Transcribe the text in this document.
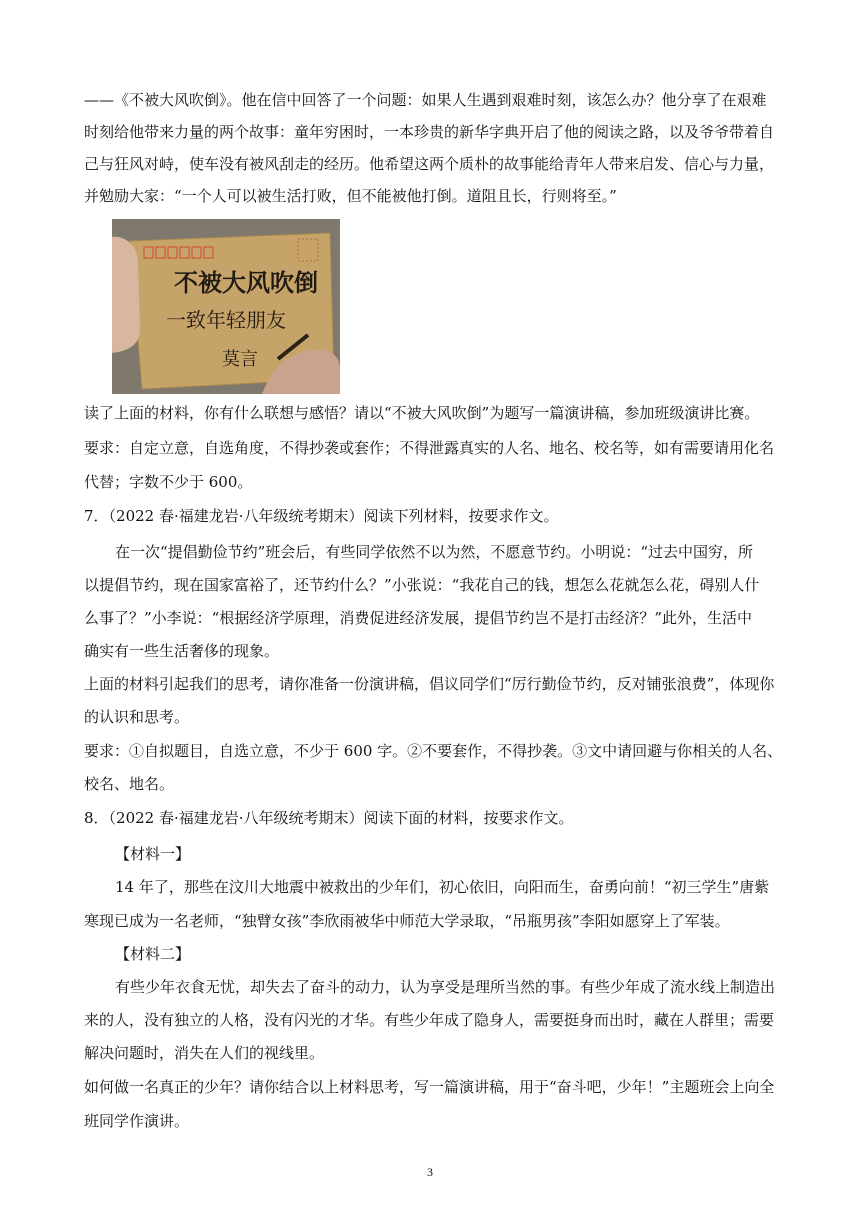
——《不被大风吹倒》。他在信中回答了一个问题：如果人生遇到艰难时刻，该怎么办？他分享了在艰难
时刻给他带来力量的两个故事：童年穷困时，一本珍贵的新华字典开启了他的阅读之路，以及爷爷带着自
己与狂风对峙，使车没有被风刮走的经历。他希望这两个质朴的故事能给青年人带来启发、信心与力量，
并勉励大家：“一个人可以被生活打败，但不能被他打倒。道阻且长，行则将至。”
不被大风吹倒
一致年轻朋友
莫言
读了上面的材料，你有什么联想与感悟？请以“不被大风吹倒”为题写一篇演讲稿，参加班级演讲比赛。
要求：自定立意，自选角度，不得抄袭或套作；不得泄露真实的人名、地名、校名等，如有需要请用化名
代替；字数不少于 600。
7．（2022 春·福建龙岩·八年级统考期末）阅读下列材料，按要求作文。
在一次“提倡勤俭节约”班会后，有些同学依然不以为然，不愿意节约。小明说：“过去中国穷，所
以提倡节约，现在国家富裕了，还节约什么？”小张说：“我花自己的钱，想怎么花就怎么花，碍别人什
么事了？”小李说：“根据经济学原理，消费促进经济发展，提倡节约岂不是打击经济？”此外，生活中
确实有一些生活奢侈的现象。
上面的材料引起我们的思考，请你准备一份演讲稿，倡议同学们“厉行勤俭节约，反对铺张浪费”，体现你
的认识和思考。
要求：①自拟题目，自选立意，不少于 600 字。②不要套作，不得抄袭。③文中请回避与你相关的人名、
校名、地名。
8．（2022 春·福建龙岩·八年级统考期末）阅读下面的材料，按要求作文。
【材料一】
14 年了，那些在汶川大地震中被救出的少年们，初心依旧，向阳而生，奋勇向前！“初三学生”唐紫
寒现已成为一名老师，“独臂女孩”李欣雨被华中师范大学录取，“吊瓶男孩”李阳如愿穿上了军装。
【材料二】
有些少年衣食无忧，却失去了奋斗的动力，认为享受是理所当然的事。有些少年成了流水线上制造出
来的人，没有独立的人格，没有闪光的才华。有些少年成了隐身人，需要挺身而出时，藏在人群里；需要
解决问题时，消失在人们的视线里。
如何做一名真正的少年？请你结合以上材料思考，写一篇演讲稿，用于“奋斗吧，少年！”主题班会上向全
班同学作演讲。
3
